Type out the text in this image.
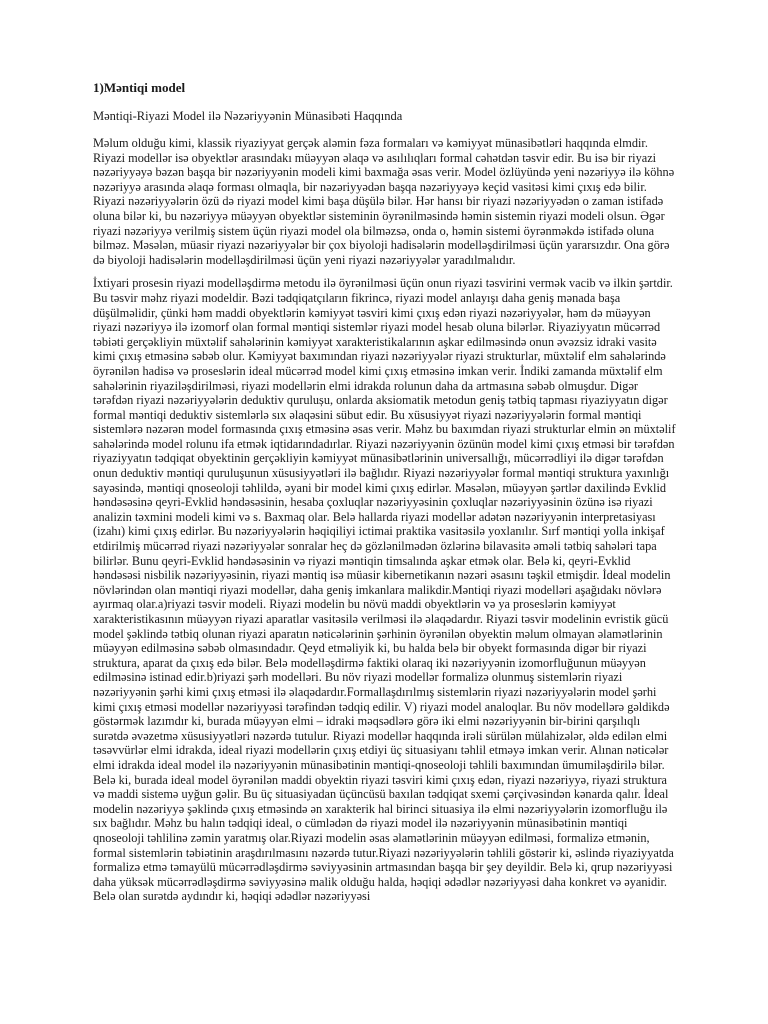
1)Məntiqi model
Məntiqi-Riyazi Model ilə Nəzəriyyənin Münasibəti Haqqında

Məlum olduğu kimi, klassik riyaziyyat gerçək aləmin fəza formaları və kəmiyyət münasibətləri haqqında elmdir. Riyazi modellər isə obyektlər arasındakı müəyyən əlaqə və asılılıqları formal cəhətdən təsvir edir. Bu isə bir riyazi nəzəriyyəyə bəzən başqa bir nəzəriyyənin modeli kimi baxmağa əsas verir. Model özlüyündə yeni nəzəriyyə ilə köhnə nəzəriyyə arasında əlaqə forması olmaqla, bir nəzəriyyədən başqa nəzəriyyəyə keçid vasitəsi kimi çıxış edə bilir. Riyazi nəzəriyyələrin özü də riyazi model kimi başa düşülə bilər. Hər hansı bir riyazi nəzəriyyədən o zaman istifadə oluna bilər ki, bu nəzəriyyə müəyyən obyektlər sisteminin öyrənilməsində həmin sistemin riyazi modeli olsun. Əgər riyazi nəzəriyyə verilmiş sistem üçün riyazi model ola bilməzsə, onda o, həmin sistemi öyrənməkdə istifadə oluna bilməz. Məsələn, müasir riyazi nəzəriyyələr bir çox biyoloji hadisələrin modelləşdirilməsi üçün yararsızdır. Ona görə də biyoloji hadisələrin modelləşdirilməsi üçün yeni riyazi nəzəriyyələr yaradılmalıdır.

İxtiyari prosesin riyazi modelləşdirmə metodu ilə öyrənilməsi üçün onun riyazi təsvirini vermək vacib və ilkin şərtdir. Bu təsvir məhz riyazi modeldir. Bəzi tədqiqatçıların fikrincə, riyazi model anlayışı daha geniş mənada başa düşülməlidir, çünki həm maddi obyektlərin kəmiyyət təsviri kimi çıxış edən riyazi nəzəriyyələr, həm də müəyyən riyazi nəzəriyyə ilə izomorf olan formal məntiqi sistemlər riyazi model hesab oluna bilərlər. Riyaziyyatın mücərrəd təbiəti gerçəkliyin müxtəlif sahələrinin kəmiyyət xarakteristikalarının aşkar edilməsində onun əvəzsiz idraki vasitə kimi çıxış etməsinə səbəb olur. Kəmiyyət baxımından riyazi nəzəriyyələr riyazi strukturlar, müxtəlif elm sahələrində öyrənilən hadisə və proseslərin ideal mücərrəd model kimi çıxış etməsinə imkan verir. İndiki zamanda müxtəlif elm sahələrinin riyaziləşdirilməsi, riyazi modellərin elmi idrakda rolunun daha da artmasına səbəb olmuşdur. Digər tərəfdən riyazi nəzəriyyələrin deduktiv qurulușu, onlarda aksiomatik metodun geniş tətbiq tapması riyaziyyatın digər formal məntiqi deduktiv sistemlərlə sıx əlaqəsini sübut edir. Bu xüsusiyyət riyazi nəzəriyyələrin formal məntiqi sistemlərə nəzərən model formasında çıxış etməsinə əsas verir. Məhz bu baxımdan riyazi strukturlar elmin ən müxtəlif sahələrində model rolunu ifa etmək iqtidarındadırlar. Riyazi nəzəriyyənin özünün model kimi çıxış etməsi bir tərəfdən riyaziyyatın tədqiqat obyektinin gerçəkliyin kəmiyyət münasibətlərinin universallığı, mücərrədliyi ilə digər tərəfdən onun deduktiv məntiqi quruluşunun xüsusiyyətləri ilə bağlıdır. Riyazi nəzəriyyələr formal məntiqi struktura yaxınlığı sayəsində, məntiqi qnoseoloji təhlildə, əyani bir model kimi çıxış edirlər. Məsələn, müəyyən şərtlər daxilində Evklid həndəsəsinə qeyri-Evklid həndəsəsinin, hesaba çoxluqlar nəzəriyyəsinin çoxluqlar nəzəriyyəsinin özünə isə riyazi analizin təxmini modeli kimi və s. Baxmaq olar. Belə hallarda riyazi modellər adətən nəzəriyyənin interpretasiyası (izahı) kimi çıxış edirlər. Bu nəzəriyyələrin həqiqiliyi ictimai praktika vasitəsilə yoxlanılır. Sırf məntiqi yolla inkişaf etdirilmiş mücərrəd riyazi nəzəriyyələr sonralar heç də gözlənilmədən özlərinə bilavasitə əməli tətbiq sahələri tapa bilirlər. Bunu qeyri-Evklid həndəsəsinin və riyazi məntiqin timsalında aşkar etmək olar. Belə ki, qeyri-Evklid həndəsəsi nisbilik nəzəriyyəsinin, riyazi məntiq isə müasir kibernetikanın nəzəri əsasını təşkil etmişdir. İdeal modelin növlərindən olan məntiqi riyazi modellər, daha geniş imkanlara malikdir.Məntiqi riyazi modelləri aşağıdakı növlərə ayırmaq olar.a)riyazi təsvir modeli. Riyazi modelin bu növü maddi obyektlərin və ya proseslərin kəmiyyət xarakteristikasının müəyyən riyazi aparatlar vasitəsilə verilməsi ilə əlaqədardır. Riyazi təsvir modelinin evristik gücü model şəklində tətbiq olunan riyazi aparatın nəticələrinin şərhinin öyrənilən obyektin məlum olmayan əlamətlərinin müəyyən edilməsinə səbəb olmasındadır. Qeyd etməliyik ki, bu halda belə bir obyekt formasında digər bir riyazi struktura, aparat da çıxış edə bilər. Belə modelləşdirmə faktiki olaraq iki nəzəriyyənin izomorfluğunun müəyyən edilməsinə istinad edir.b)riyazi şərh modelləri. Bu növ riyazi modellər formalizə olunmuş sistemlərin riyazi nəzəriyyənin şərhi kimi çıxış etməsi ilə əlaqədardır.Formallaşdırılmış sistemlərin riyazi nəzəriyyələrin model şərhi kimi çıxış etməsi modellər nəzəriyyəsi tərəfindən tədqiq edilir. V) riyazi model analoqlar. Bu növ modellərə gəldikdə göstərmək lazımdır ki, burada müəyyən elmi – idraki məqsədlərə görə iki elmi nəzəriyyənin bir-birini qarşılıqlı surətdə əvəzetmə xüsusiyyətləri nəzərdə tutulur. Riyazi modellər haqqında irəli sürülən mülahizələr, əldə edilən elmi təsəvvürlər elmi idrakda, ideal riyazi modellərin çıxış etdiyi üç situasiyanı təhlil etməyə imkan verir. Alınan nəticələr elmi idrakda ideal model ilə nəzəriyyənin münasibətinin məntiqi-qnoseoloji təhlili baxımından ümumiləşdirilə bilər. Belə ki, burada ideal model öyrənilən maddi obyektin riyazi təsviri kimi çıxış edən, riyazi nəzəriyyə, riyazi struktura və maddi sistemə uyğun gəlir. Bu üç situasiyadan üçüncüsü baxılan tədqiqat sxemi çərçivəsindən kənarda qalır. İdeal modelin nəzəriyyə şəklində çıxış etməsində ən xarakterik hal birinci situasiya ilə elmi nəzəriyyələrin izomorfluğu ilə sıx bağlıdır. Məhz bu halın tədqiqi ideal, o cümlədən də riyazi model ilə nəzəriyyənin münasibətinin məntiqi qnoseoloji təhlilinə zəmin yaratmış olar.Riyazi modelin əsas əlamətlərinin müəyyən edilməsi, formalizə etmənin, formal sistemlərin təbiətinin araşdırılmasını nəzərdə tutur.Riyazi nəzəriyyələrin təhlili göstərir ki, əslində riyaziyyatda formalizə etmə təmayülü mücərrədləşdirmə səviyyəsinin artmasından başqa bir şey deyildir. Belə ki, qrup nəzəriyyəsi daha yüksək mücərrədləşdirmə səviyyəsinə malik olduğu halda, həqiqi ədədlər nəzəriyyəsi daha konkret və əyanidir. Belə olan surətdə aydındır ki, həqiqi ədədlər nəzəriyyəsi
